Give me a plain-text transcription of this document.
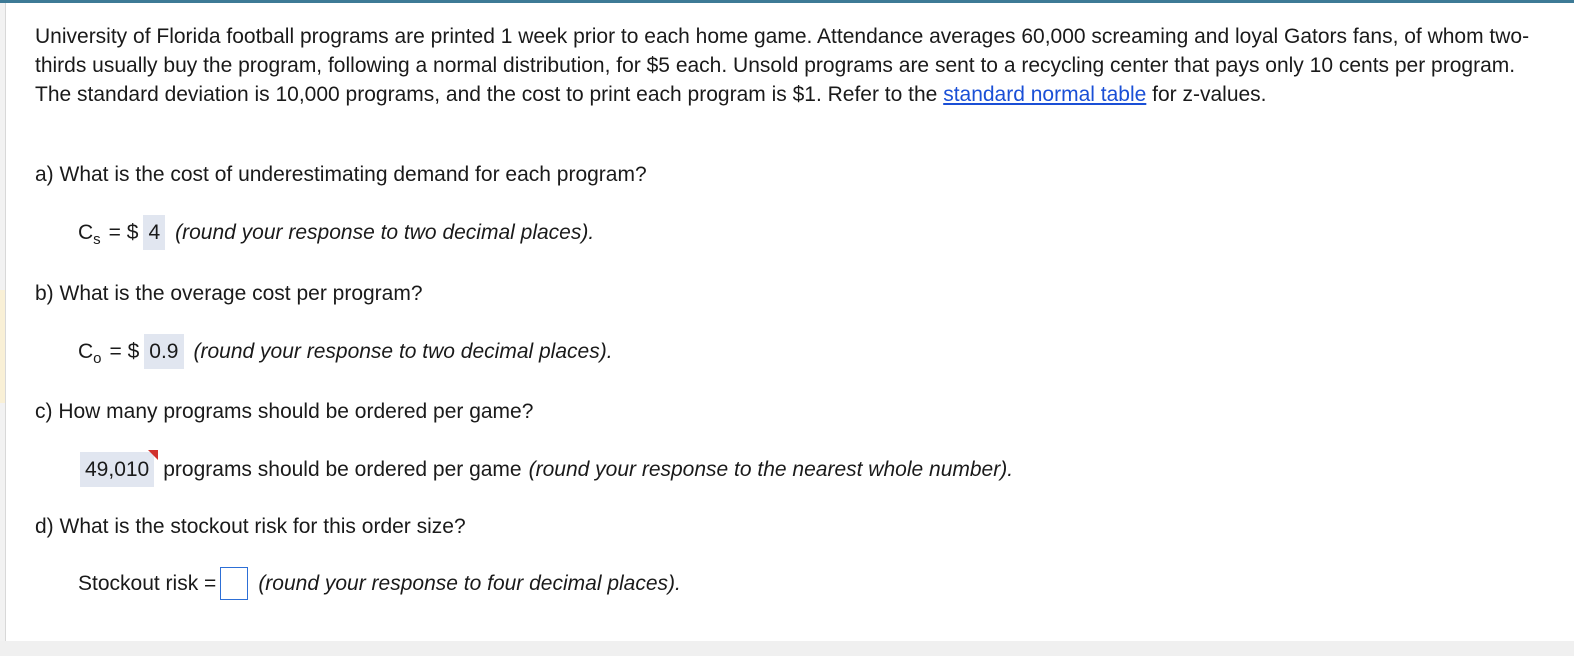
University of Florida football programs are printed 1 week prior to each home game. Attendance averages 60,000 screaming and loyal Gators fans, of whom two-thirds usually buy the program, following a normal distribution, for $5 each. Unsold programs are sent to a recycling center that pays only 10 cents per program. The standard deviation is 10,000 programs, and the cost to print each program is $1. Refer to the standard normal table for z-values.

a) What is the cost of underestimating demand for each program?

$C_s$ = $ 4 (round your response to two decimal places).

b) What is the overage cost per program?

$C_o$ = $ 0.9 (round your response to two decimal places).

c) How many programs should be ordered per game?

49,010 programs should be ordered per game (round your response to the nearest whole number).

d) What is the stockout risk for this order size?

Stockout risk = (round your response to four decimal places).
